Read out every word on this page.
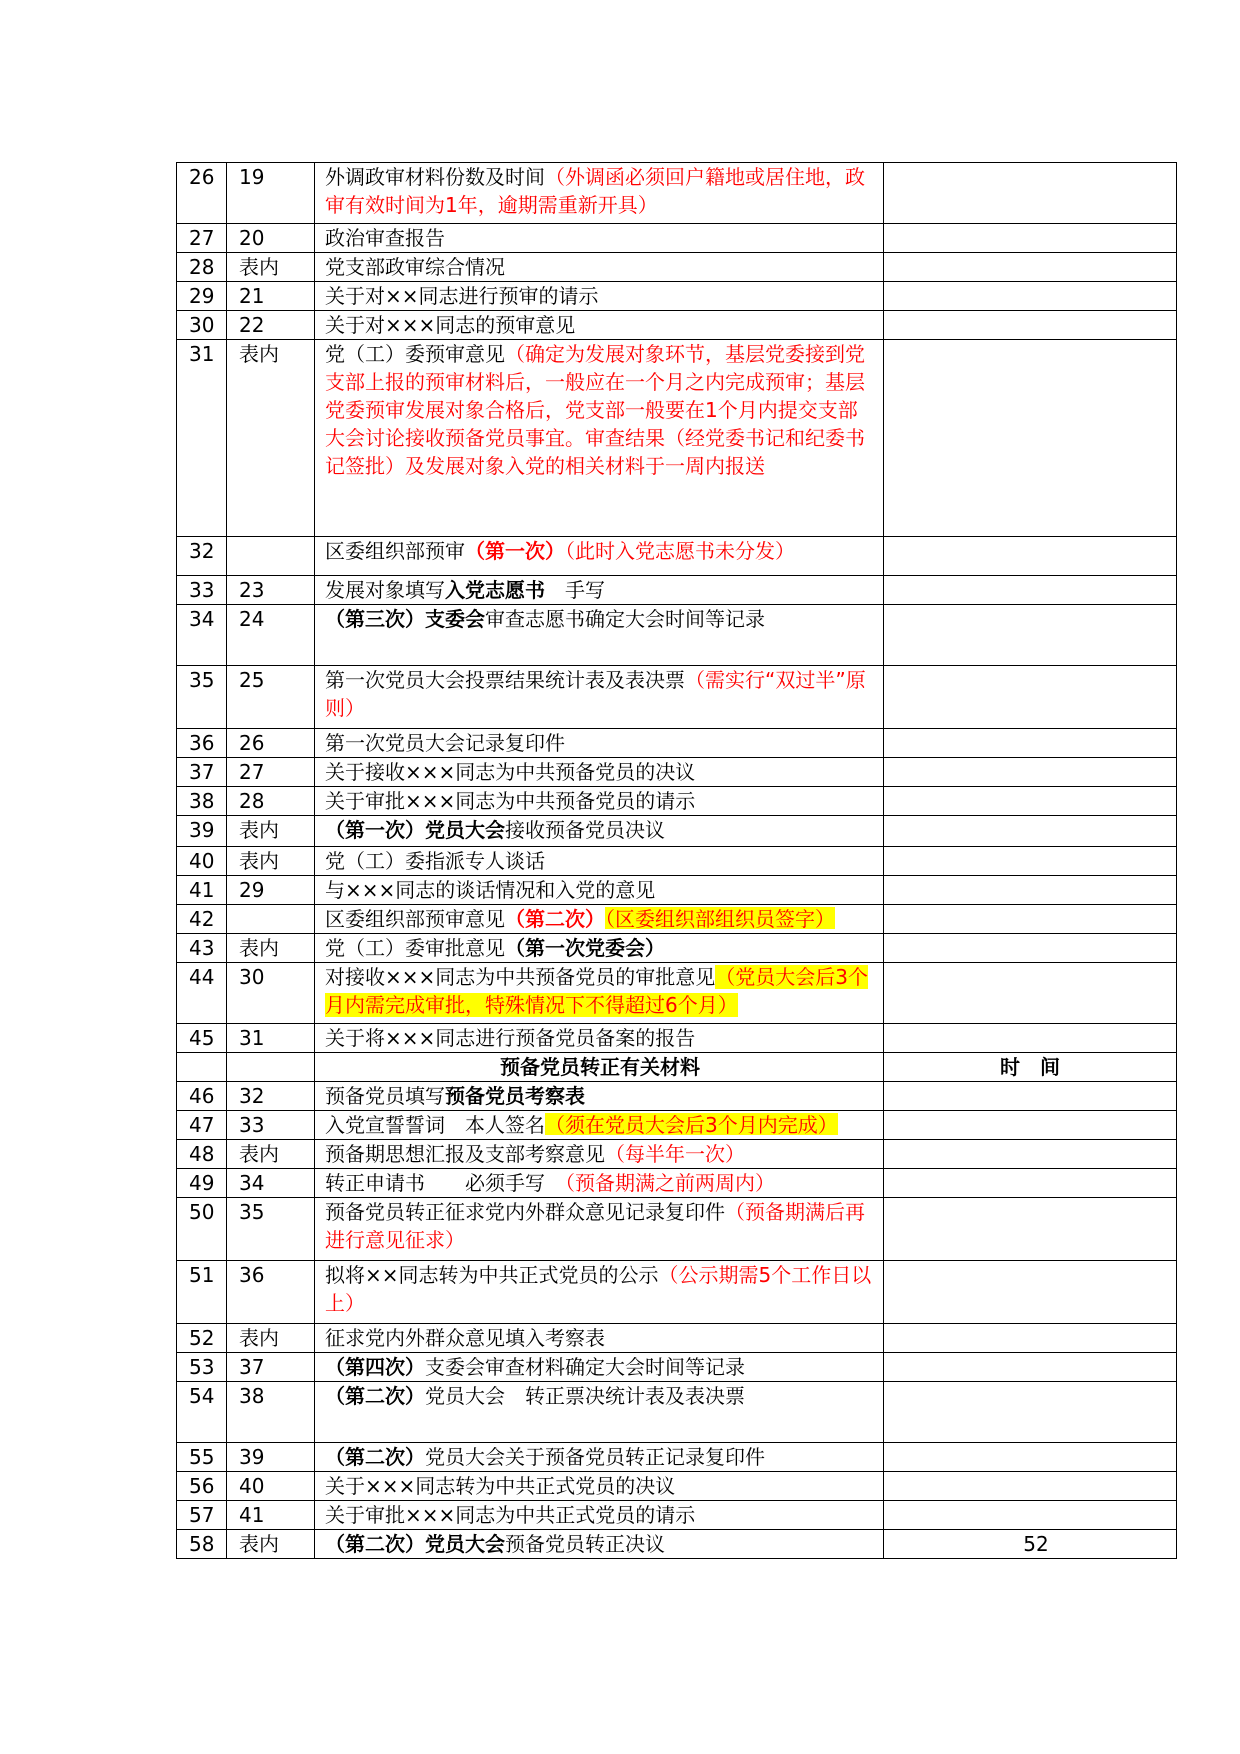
26	19	外调政审材料份数及时间（外调函必须回户籍地或居住地，政审有效时间为1年，逾期需重新开具）	

27	20	政治审查报告	

28	表内	党支部政审综合情况	

29	21	关于对××同志进行预审的请示	

30	22	关于对×××同志的预审意见	

31	表内	党（工）委预审意见（确定为发展对象环节，基层党委接到党支部上报的预审材料后，一般应在一个月之内完成预审；基层党委预审发展对象合格后，党支部一般要在1个月内提交支部大会讨论接收预备党员事宜。审查结果（经党委书记和纪委书记签批）及发展对象入党的相关材料于一周内报送	

32		区委组织部预审（第一次）（此时入党志愿书未分发）	

33	23	发展对象填写入党志愿书　手写	

34	24	（第三次）支委会审查志愿书确定大会时间等记录	

35	25	第一次党员大会投票结果统计表及表决票（需实行“双过半”原则）	

36	26	第一次党员大会记录复印件	

37	27	关于接收×××同志为中共预备党员的决议	

38	28	关于审批×××同志为中共预备党员的请示	

39	表内	（第一次）党员大会接收预备党员决议	

40	表内	党（工）委指派专人谈话	

41	29	与×××同志的谈话情况和入党的意见	

42		区委组织部预审意见（第二次）（区委组织部组织员签字）	

43	表内	党（工）委审批意见（第一次党委会）	

44	30	对接收×××同志为中共预备党员的审批意见（党员大会后3个月内需完成审批，特殊情况下不得超过6个月）	

45	31	关于将×××同志进行预备党员备案的报告	

		预备党员转正有关材料	时　间
46	32	预备党员填写预备党员考察表	

47	33	入党宣誓誓词　本人签名（须在党员大会后3个月内完成）	

48	表内	预备期思想汇报及支部考察意见（每半年一次）	

49	34	转正申请书　　必须手写　（预备期满之前两周内）	

50	35	预备党员转正征求党内外群众意见记录复印件（预备期满后再进行意见征求）	

51	36	拟将××同志转为中共正式党员的公示（公示期需5个工作日以上）	

52	表内	征求党内外群众意见填入考察表	

53	37	（第四次）支委会审查材料确定大会时间等记录	

54	38	（第二次）党员大会　转正票决统计表及表决票	

55	39	（第二次）党员大会关于预备党员转正记录复印件	

56	40	关于×××同志转为中共正式党员的决议	

57	41	关于审批×××同志为中共正式党员的请示	

58	表内	（第二次）党员大会预备党员转正决议	52
